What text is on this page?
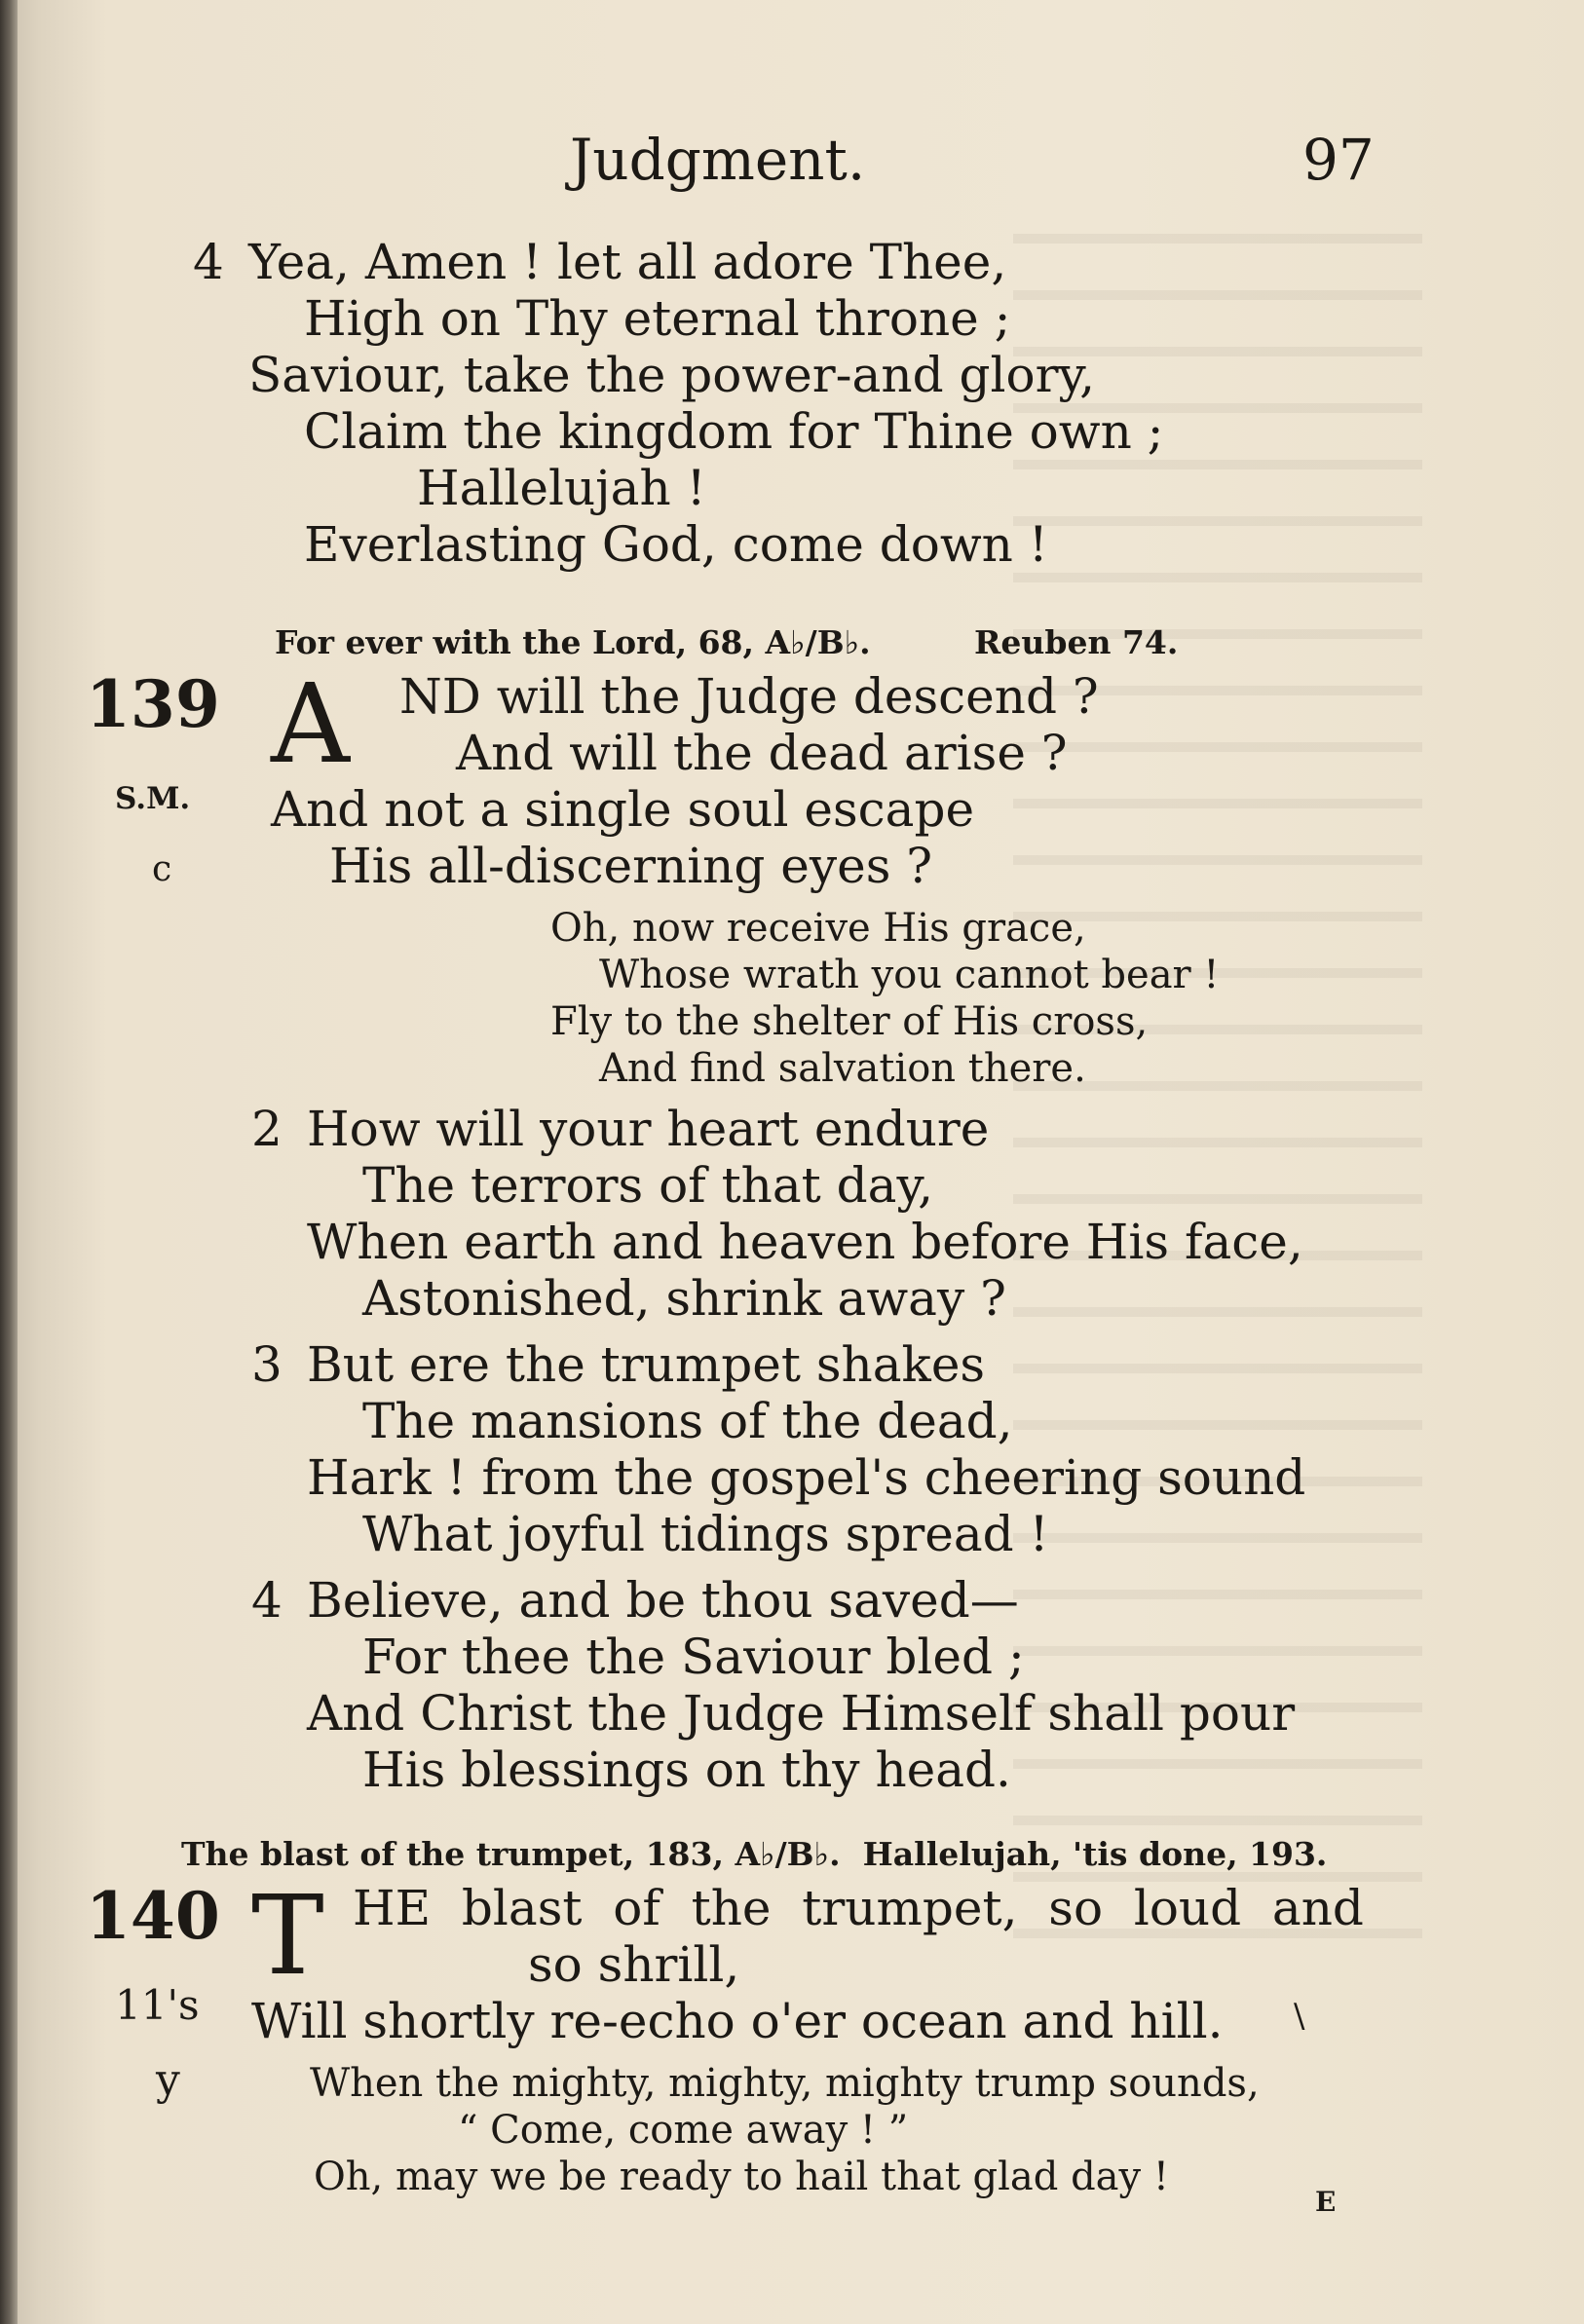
Judgment.	97
4 Yea, Amen ! let all adore Thee,
High on Thy eternal throne ;
Saviour, take the power-and glory,
Claim the kingdom for Thine own ;
Hallelujah !
Everlasting God, come down !
For ever with the Lord, 68, A♭/B♭.	Reuben 74.
139
S.M.
c
A ND will the Judge descend ?
And will the dead arise ?
And not a single soul escape
His all-discerning eyes ?
Oh, now receive His grace,
Whose wrath you cannot bear !
Fly to the shelter of His cross,
And find salvation there.
2 How will your heart endure
The terrors of that day,
When earth and heaven before His face,
Astonished, shrink away ?
3 But ere the trumpet shakes
The mansions of the dead,
Hark ! from the gospel's cheering sound
What joyful tidings spread !
4 Believe, and be thou saved—
For thee the Saviour bled ;
And Christ the Judge Himself shall pour
His blessings on thy head.
The blast of the trumpet, 183, A♭/B♭.  Hallelujah, 'tis done, 193.
140
11's
y
T HE  blast  of  the  trumpet,  so  loud  and
so shrill,
Will shortly re-echo o'er ocean and hill. \
When the mighty, mighty, mighty trump sounds,
“ Come, come away ! ”
Oh, may we be ready to hail that glad day !
E
